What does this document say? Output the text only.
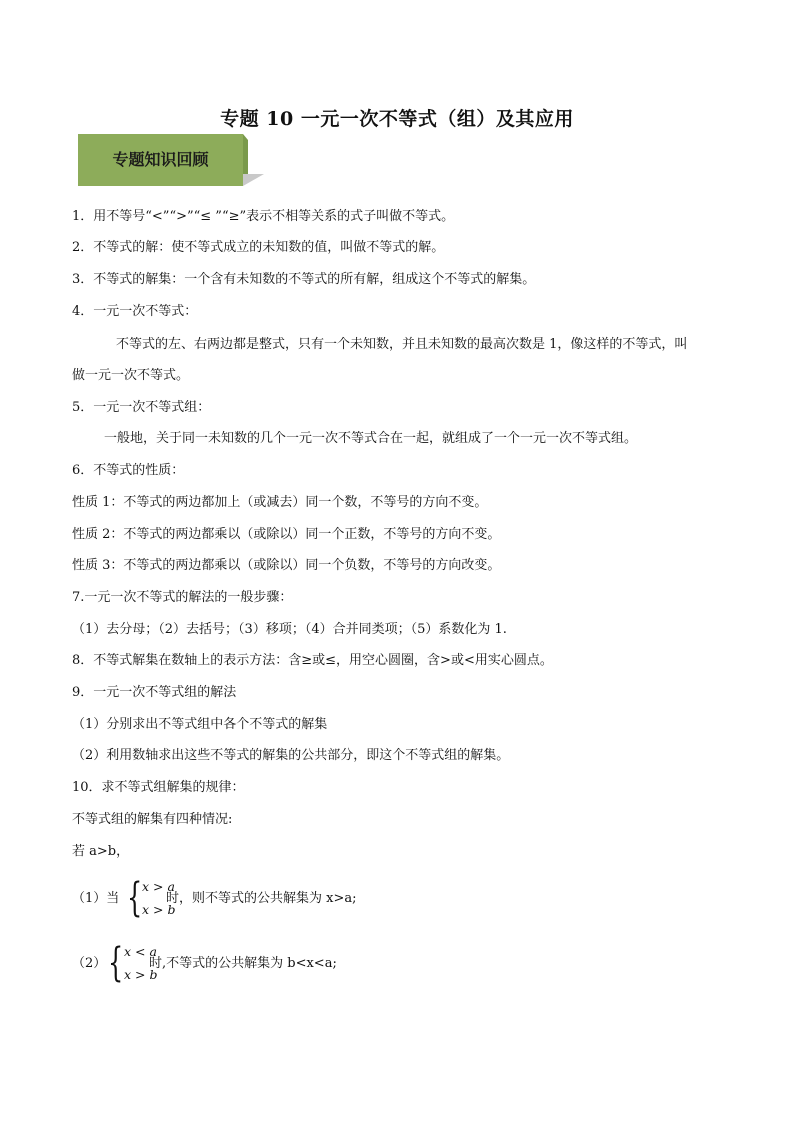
专题 10 一元一次不等式（组）及其应用
专题知识回顾
1．用不等号“<”“>”“≤ ”“≥”表示不相等关系的式子叫做不等式。
2．不等式的解：使不等式成立的未知数的值，叫做不等式的解。
3．不等式的解集：一个含有未知数的不等式的所有解，组成这个不等式的解集。
4．一元一次不等式：
不等式的左、右两边都是整式，只有一个未知数，并且未知数的最高次数是 1，像这样的不等式，叫
做一元一次不等式。
5．一元一次不等式组：
一般地，关于同一未知数的几个一元一次不等式合在一起，就组成了一个一元一次不等式组。
6．不等式的性质：
性质 1：不等式的两边都加上（或减去）同一个数，不等号的方向不变。
性质 2：不等式的两边都乘以（或除以）同一个正数，不等号的方向不变。
性质 3：不等式的两边都乘以（或除以）同一个负数，不等号的方向改变。
7.一元一次不等式的解法的一般步骤：
（1）去分母；（2）去括号；（3）移项；（4）合并同类项；（5）系数化为 1.
8．不等式解集在数轴上的表示方法：含≥或≤，用空心圆圈，含>或<用实心圆点。
9．一元一次不等式组的解法
（1）分别求出不等式组中各个不等式的解集
（2）利用数轴求出这些不等式的解集的公共部分，即这个不等式组的解集。
10．求不等式组解集的规律：
不等式组的解集有四种情况:
若 a>b，
（1）当 { x > a
x > b
时，则不等式的公共解集为 x>a;
（2） { x < a
x > b
时,不等式的公共解集为 b<x<a;
